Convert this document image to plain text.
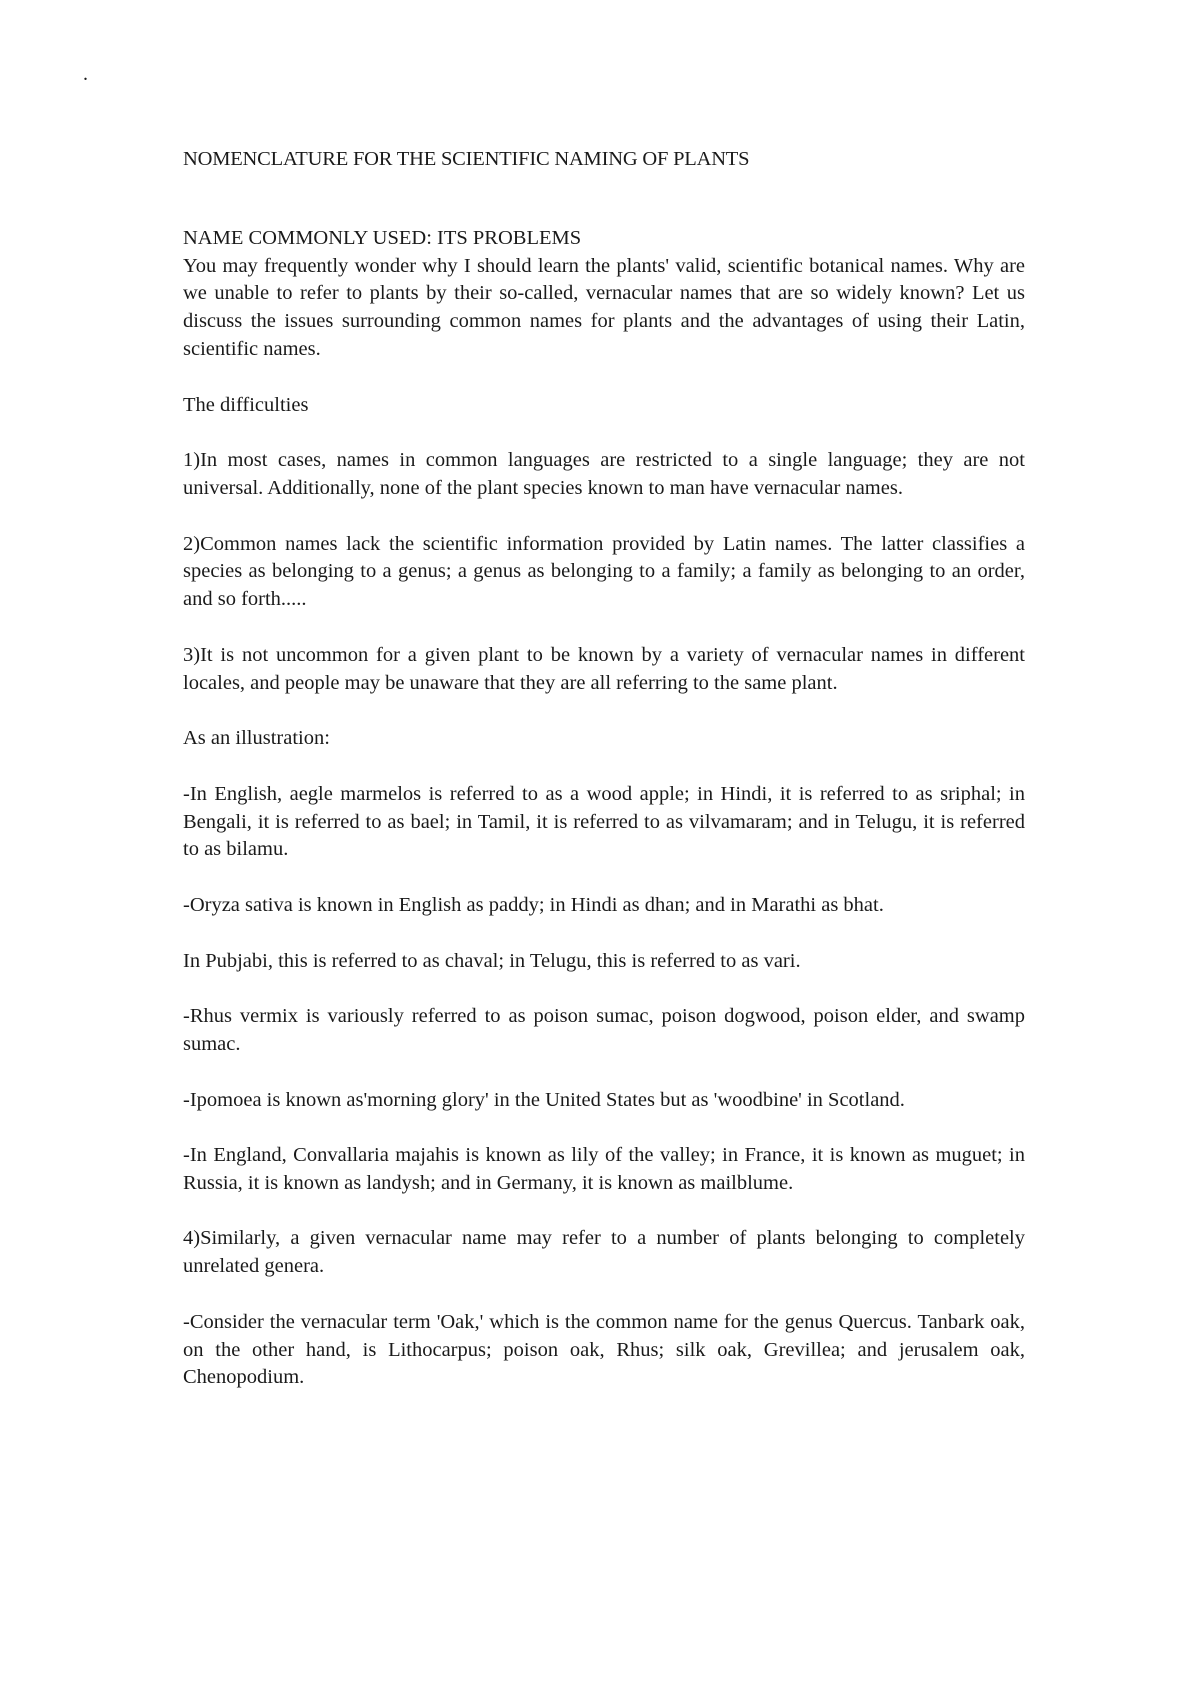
.
NOMENCLATURE FOR THE SCIENTIFIC NAMING OF PLANTS
NAME COMMONLY USED: ITS PROBLEMS

You may frequently wonder why I should learn the plants' valid, scientific botanical names. Why are we unable to refer to plants by their so-called, vernacular names that are so widely known? Let us discuss the issues surrounding common names for plants and the advantages of using their Latin, scientific names.

The difficulties

1)In most cases, names in common languages are restricted to a single language; they are not universal. Additionally, none of the plant species known to man have vernacular names.

2)Common names lack the scientific information provided by Latin names. The latter classifies a species as belonging to a genus; a genus as belonging to a family; a family as belonging to an order, and so forth.....

3)It is not uncommon for a given plant to be known by a variety of vernacular names in different locales, and people may be unaware that they are all referring to the same plant.

As an illustration:

-In English, aegle marmelos is referred to as a wood apple; in Hindi, it is referred to as sriphal; in Bengali, it is referred to as bael; in Tamil, it is referred to as vilvamaram; and in Telugu, it is referred to as bilamu.

-Oryza sativa is known in English as paddy; in Hindi as dhan; and in Marathi as bhat.

In Pubjabi, this is referred to as chaval; in Telugu, this is referred to as vari.

-Rhus vermix is variously referred to as poison sumac, poison dogwood, poison elder, and swamp sumac.

-Ipomoea is known as'morning glory' in the United States but as 'woodbine' in Scotland.

-In England, Convallaria majahis is known as lily of the valley; in France, it is known as muguet; in Russia, it is known as landysh; and in Germany, it is known as mailblume.

4)Similarly, a given vernacular name may refer to a number of plants belonging to completely unrelated genera.

-Consider the vernacular term 'Oak,' which is the common name for the genus Quercus. Tanbark oak, on the other hand, is Lithocarpus; poison oak, Rhus; silk oak, Grevillea; and jerusalem oak, Chenopodium.
